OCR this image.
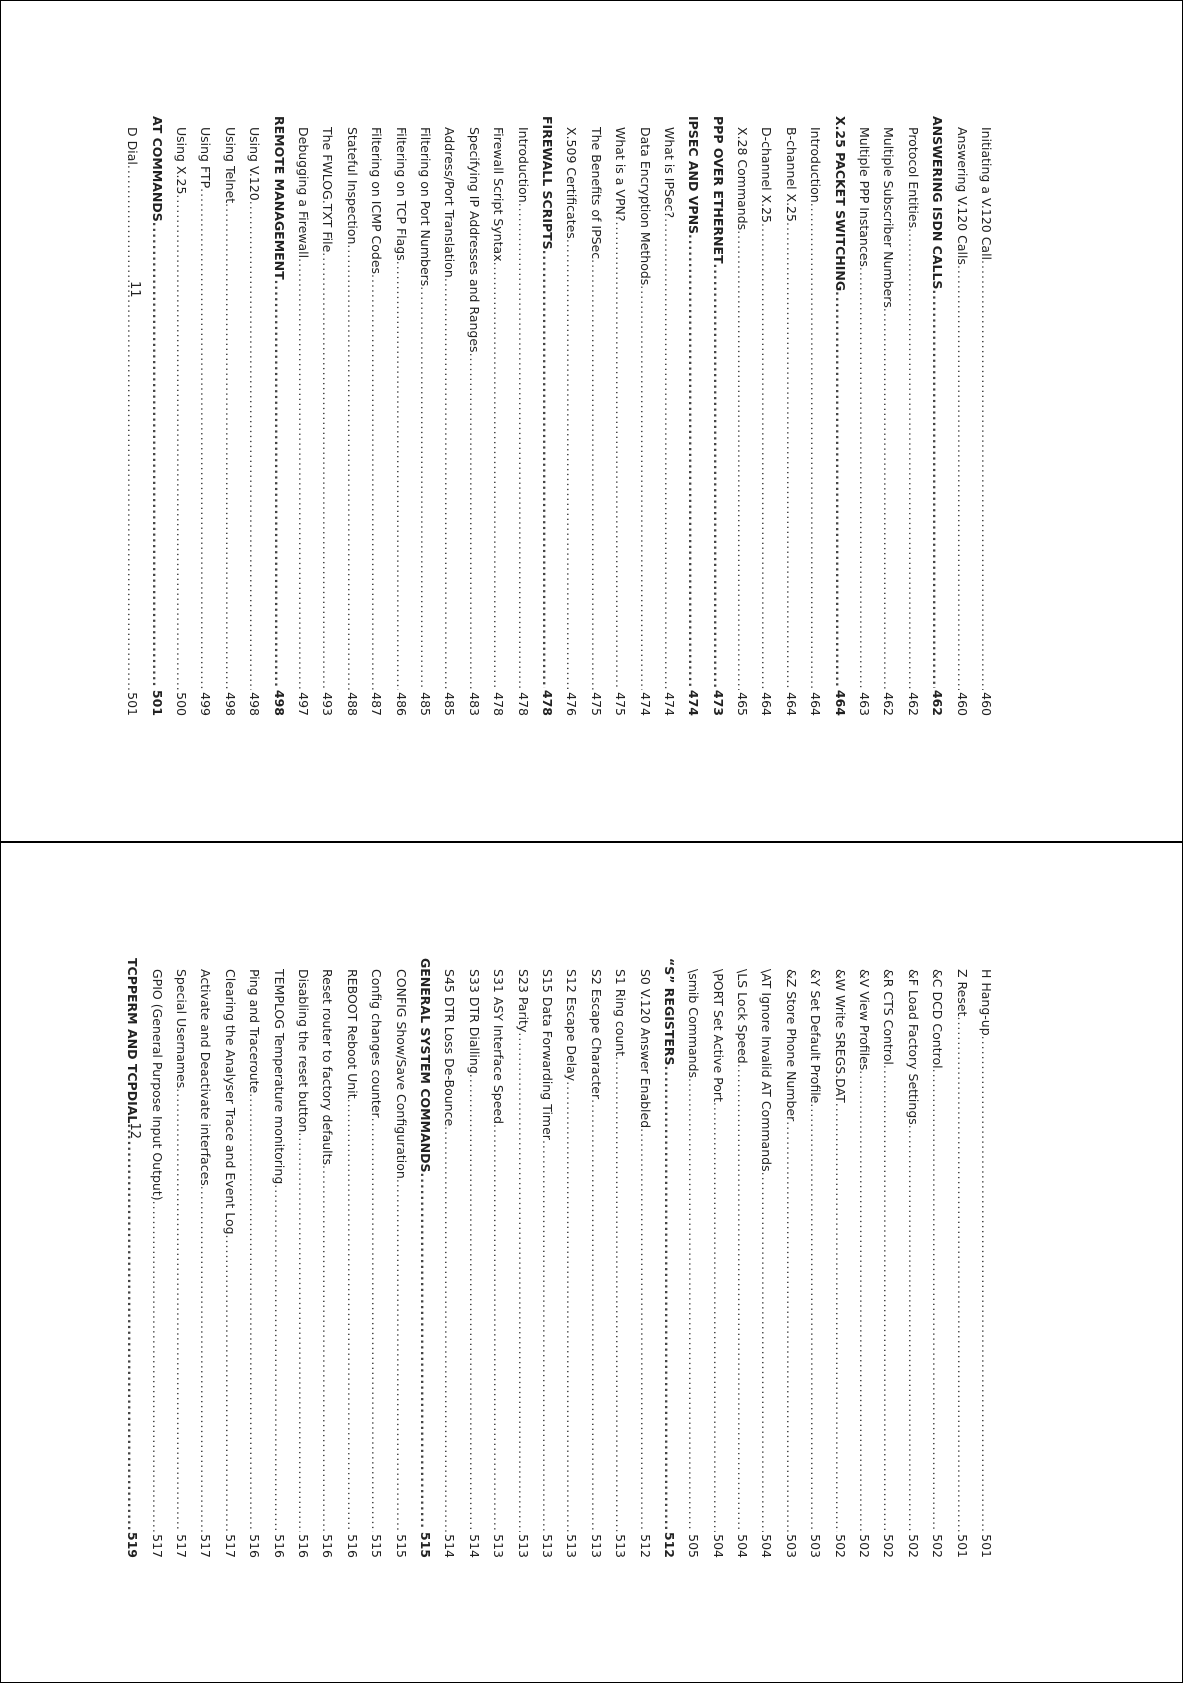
Initiating a V.120 Call
.....
460
Answering V.120 Calls
.....
460
ANSWERING ISDN CALLS
.....
462
Protocol Entities
.....
462
Multiple Subscriber Numbers
.....
462
Multiple PPP Instances
.....
463
X.25 PACKET SWITCHING
.....
464
Introduction
.....
464
B-channel X.25
.....
464
D-channel X.25
.....
464
X.28 Commands
.....
465
PPP OVER ETHERNET
.....
473
IPSEC AND VPNS
.....
474
What is IPSec?
.....
474
Data Encryption Methods
.....
474
What is a VPN?
.....
475
The Benefits of IPSec
.....
475
X.509 Certificates
.....
476
FIREWALL SCRIPTS
.....
478
Introduction
.....
478
Firewall Script Syntax
.....
478
Specifying IP Addresses and Ranges
.....
483
Address/Port Translation
.....
485
Filtering on Port Numbers
.....
485
Filtering on TCP Flags
.....
486
Filtering on ICMP Codes
.....
487
Stateful Inspection
.....
488
The FWLOG.TXT File
.....
493
Debugging a Firewall
.....
497
REMOTE MANAGEMENT
.....
498
Using V.120
.....
498
Using Telnet
.....
498
Using FTP
.....
499
Using X.25
.....
500
AT COMMANDS
.....
501
D Dial
.....
501
11
H Hang-up
.....
501
Z Reset
.....
501
&C DCD Control
.....
502
&F Load Factory Settings
.....
502
&R CTS Control
.....
502
&V View Profiles
.....
502
&W Write SREGS.DAT
.....
502
&Y Set Default Profile
.....
503
&Z Store Phone Number
.....
503
\AT Ignore Invalid AT Commands
.....
504
\LS Lock Speed
.....
504
\PORT Set Active Port
.....
504
\smib Commands
.....
505
“S” REGISTERS
.....
512
S0 V.120 Answer Enabled
.....
512
S1 Ring count
.....
513
S2 Escape Character
.....
513
S12 Escape Delay
.....
513
S15 Data Forwarding Timer
.....
513
S23 Parity
.....
513
S31 ASY Interface Speed
.....
513
S33 DTR Dialling
.....
514
S45 DTR Loss De-Bounce
.....
514
GENERAL SYSTEM COMMANDS
.....
515
CONFIG Show/Save Configuration
.....
515
Config changes counter
.....
515
REBOOT Reboot Unit
.....
516
Reset router to factory defaults
.....
516
Disabling the reset button
.....
516
TEMPLOG Temperature monitoring
.....
516
Ping and Traceroute
.....
516
Clearing the Analyser Trace and Event Log
.....
517
Activate and Deactivate interfaces
.....
517
Special Usernames
.....
517
GPIO (General Purpose Input Output)
.....
517
TCPPERM AND TCPDIAL
.....
519
12
